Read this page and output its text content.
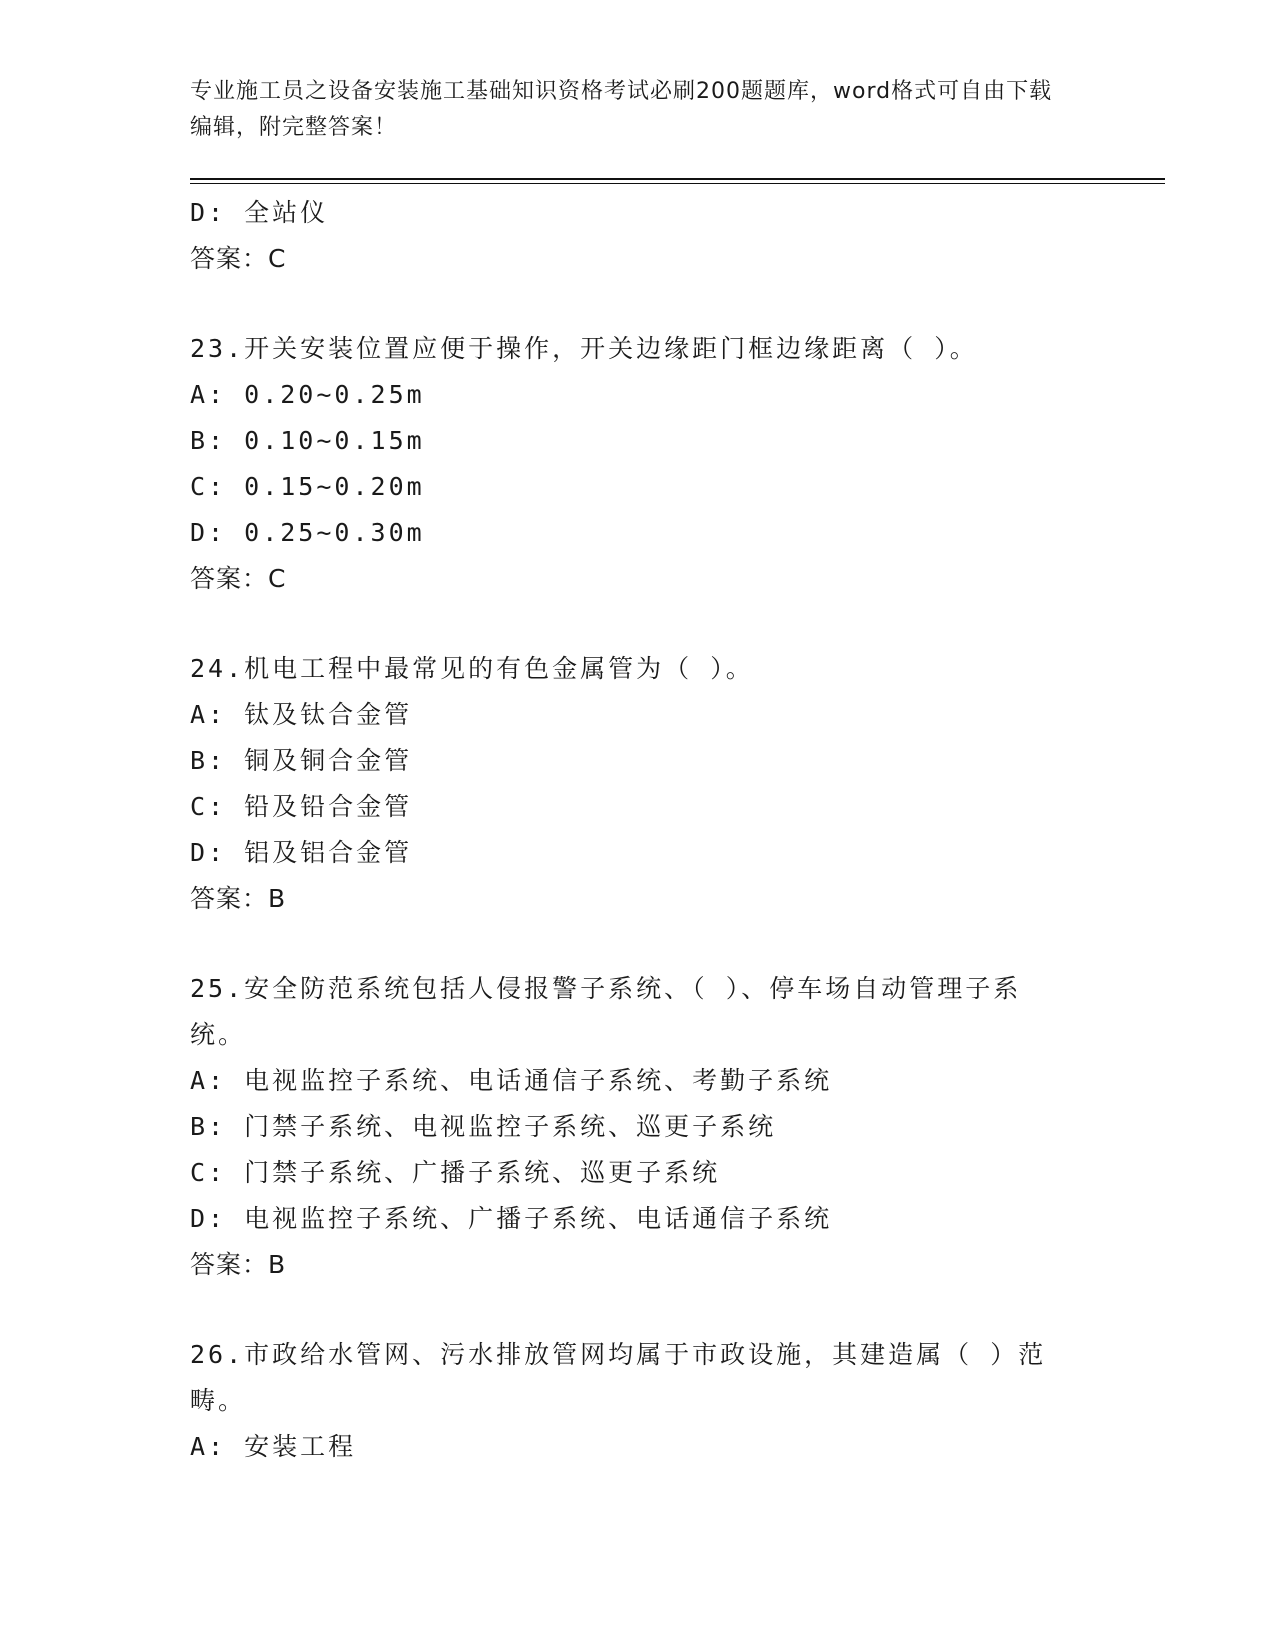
专业施工员之设备安装施工基础知识资格考试必刷200题题库，word格式可自由下载编辑，附完整答案！
D: 全站仪
答案：C
23.开关安装位置应便于操作，开关边缘距门框边缘距离（ ）。
A: 0.20~0.25m
B: 0.10~0.15m
C: 0.15~0.20m
D: 0.25~0.30m
答案：C
24.机电工程中最常见的有色金属管为（ ）。
A: 钛及钛合金管
B: 铜及铜合金管
C: 铅及铅合金管
D: 铝及铝合金管
答案：B
25.安全防范系统包括人侵报警子系统、（ ）、停车场自动管理子系统。
A: 电视监控子系统、电话通信子系统、考勤子系统
B: 门禁子系统、电视监控子系统、巡更子系统
C: 门禁子系统、广播子系统、巡更子系统
D: 电视监控子系统、广播子系统、电话通信子系统
答案：B
26.市政给水管网、污水排放管网均属于市政设施，其建造属（ ）范畴。
A: 安装工程
